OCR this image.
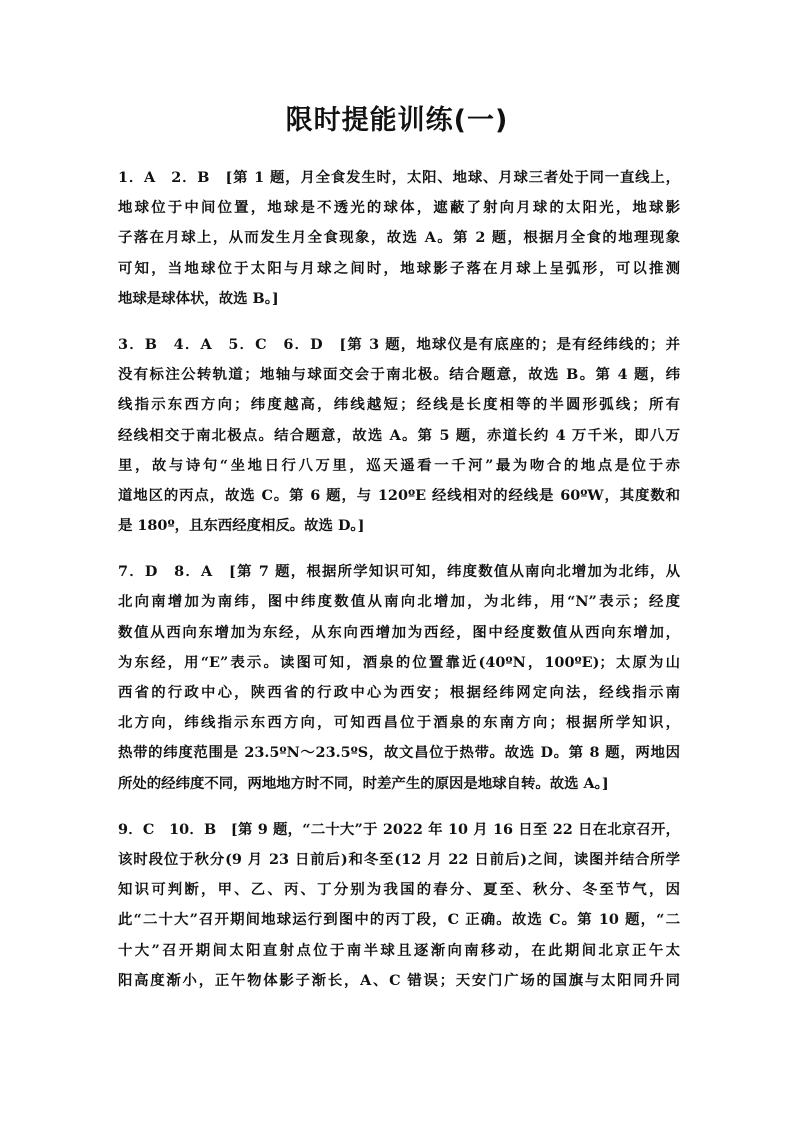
限时提能训练(一)
1．A　2．B　[第 1 题，月全食发生时，太阳、地球、月球三者处于同一直线上，
地球位于中间位置，地球是不透光的球体，遮蔽了射向月球的太阳光，地球影
子落在月球上，从而发生月全食现象，故选 A。第 2 题，根据月全食的地理现象
可知，当地球位于太阳与月球之间时，地球影子落在月球上呈弧形，可以推测
地球是球体状，故选 B。]
3．B　4．A　5．C　6．D　[第 3 题，地球仪是有底座的；是有经纬线的；并
没有标注公转轨道；地轴与球面交会于南北极。结合题意，故选 B。第 4 题，纬
线指示东西方向；纬度越高，纬线越短；经线是长度相等的半圆形弧线；所有
经线相交于南北极点。结合题意，故选 A。第 5 题，赤道长约 4 万千米，即八万
里，故与诗句“坐地日行八万里，巡天遥看一千河”最为吻合的地点是位于赤
道地区的丙点，故选 C。第 6 题，与 120ºE 经线相对的经线是 60ºW，其度数和
是 180º，且东西经度相反。故选 D。]
7．D　8．A　[第 7 题，根据所学知识可知，纬度数值从南向北增加为北纬，从
北向南增加为南纬，图中纬度数值从南向北增加，为北纬，用“N”表示；经度
数值从西向东增加为东经，从东向西增加为西经，图中经度数值从西向东增加，
为东经，用“E”表示。读图可知，酒泉的位置靠近(40ºN，100ºE)；太原为山
西省的行政中心，陕西省的行政中心为西安；根据经纬网定向法，经线指示南
北方向，纬线指示东西方向，可知西昌位于酒泉的东南方向；根据所学知识，
热带的纬度范围是 23.5ºN～23.5ºS，故文昌位于热带。故选 D。第 8 题，两地因
所处的经纬度不同，两地地方时不同，时差产生的原因是地球自转。故选 A。]
9．C　10．B　[第 9 题，“二十大”于 2022 年 10 月 16 日至 22 日在北京召开，
该时段位于秋分(9 月 23 日前后)和冬至(12 月 22 日前后)之间，读图并结合所学
知识可判断，甲、乙、丙、丁分别为我国的春分、夏至、秋分、冬至节气，因
此“二十大”召开期间地球运行到图中的丙丁段，C 正确。故选 C。第 10 题，“二
十大”召开期间太阳直射点位于南半球且逐渐向南移动，在此期间北京正午太
阳高度渐小，正午物体影子渐长，A、C 错误；天安门广场的国旗与太阳同升同
